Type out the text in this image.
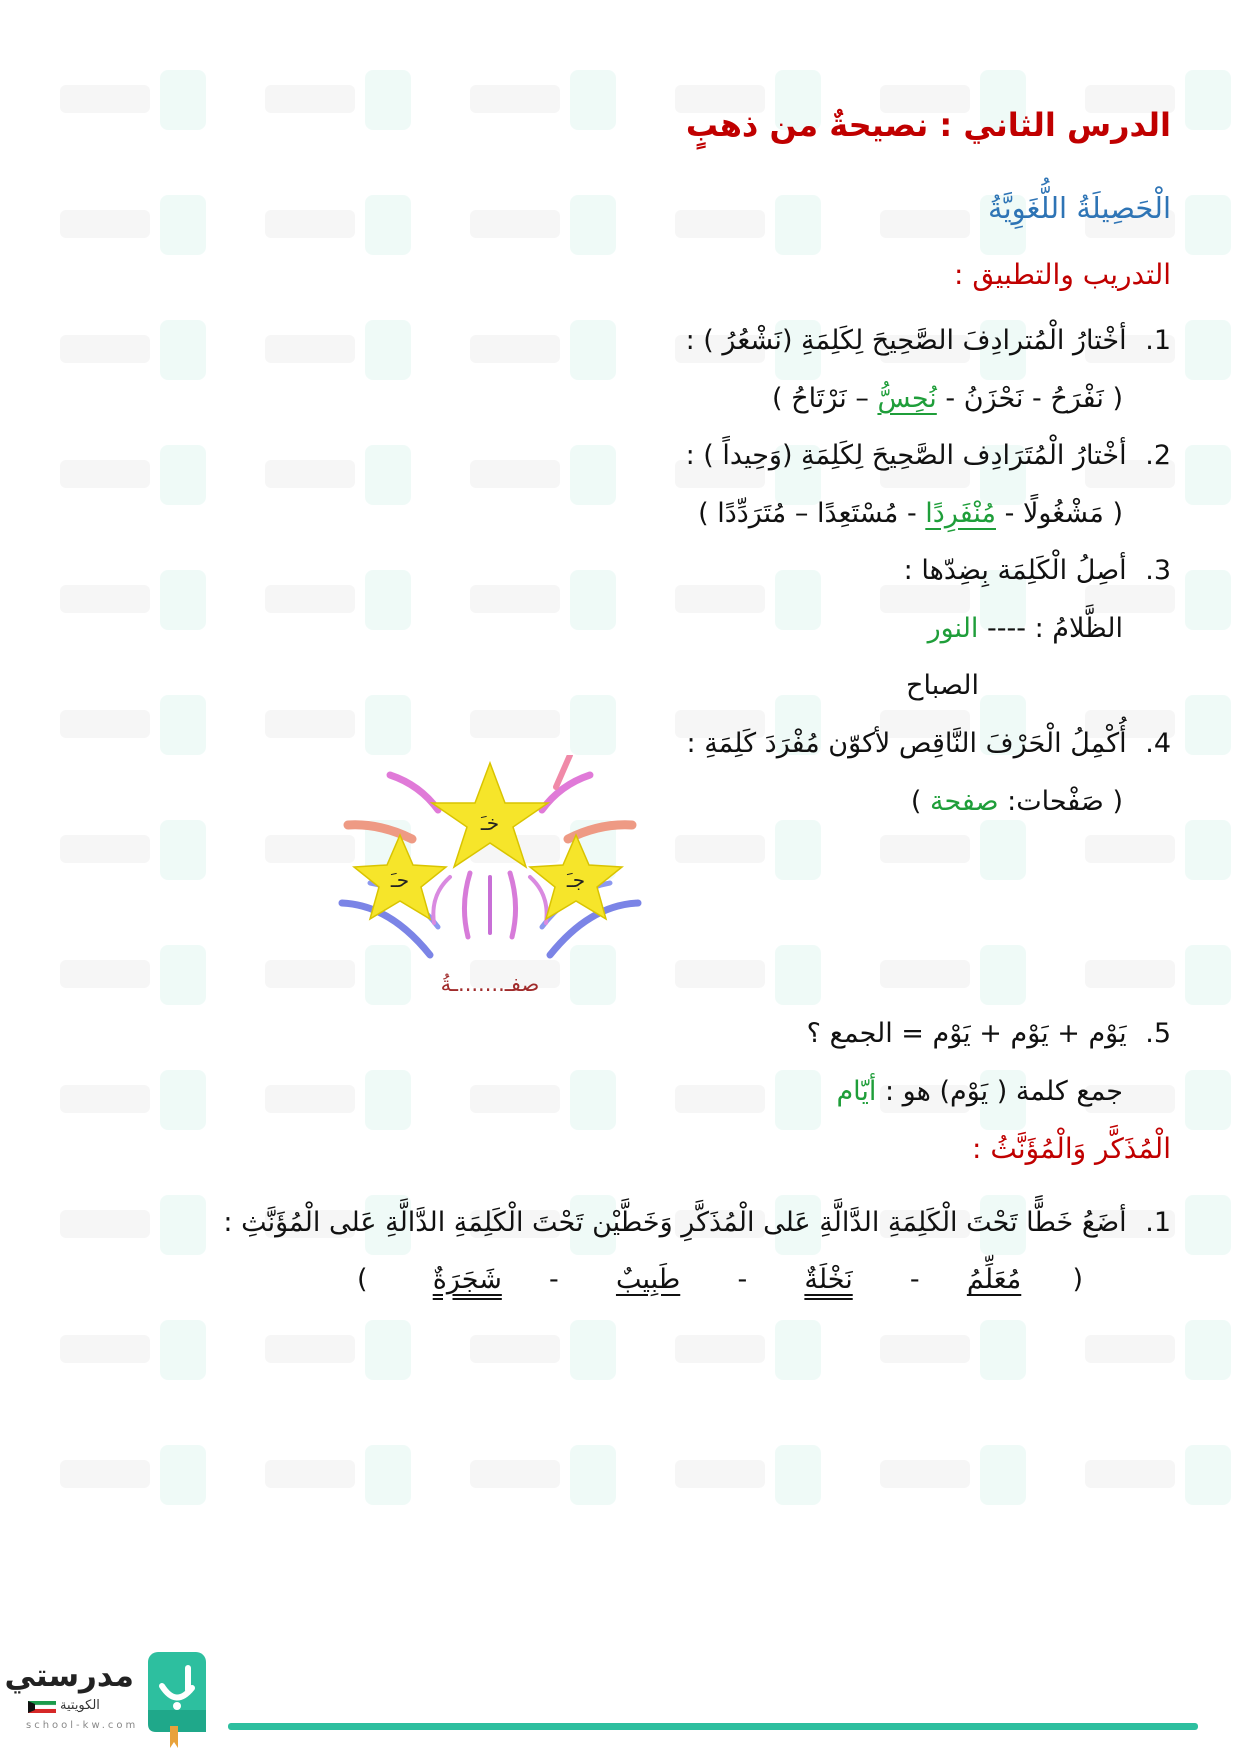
الدرس الثاني : نصيحةٌ من ذهبٍ
الْحَصِيلَةُ اللُّغَوِيَّةُ
التدريب والتطبيق :
1. أخْتارُ الْمُترادِفَ الصَّحِيحَ لِكَلِمَةِ (نَشْعُرُ ) :
( نَفْرَحُ - نَحْزَنُ - نُحِسُّ – نَرْتَاحُ )
2. أخْتارُ الْمُتَرَادِف الصَّحِيحَ لِكَلِمَةِ (وَحِيداً ) :
( مَشْغُولًا - مُنْفَرِدًا - مُسْتَعِدًا – مُتَرَدِّدًا )
3. أصِلُ الْكَلِمَة بِضِدّها :
الظَّلامُ : ---- النور
الصباح
4. أُكْمِلُ الْحَرْفَ النَّاقِص لأكوّن مُفْرَدَ كَلِمَةِ :
( صَفْحات: صفحة )
خـَ
حـَ	جـَ
صفـ.......ـةُ
5. يَوْم + يَوْم + يَوْم = الجمع ؟
جمع كلمة ( يَوْم) هو : أيّام
الْمُذَكَّر وَالْمُؤَنَّثُ :
1. أضَعُ خَطًّا تَحْتَ الْكَلِمَةِ الدَّالَّةِ عَلى الْمُذَكَّرِ وَخَطَّيْن تَحْتَ الْكَلِمَةِ الدَّالَّةِ عَلى الْمُؤَنَّثِ :
(  مُعَلِّمُ  -  نَخْلَةٌ  -  طَبِيبٌ  -  شَجَرَةٌ  )
مدرستي
الكويتية
school-kw.com
